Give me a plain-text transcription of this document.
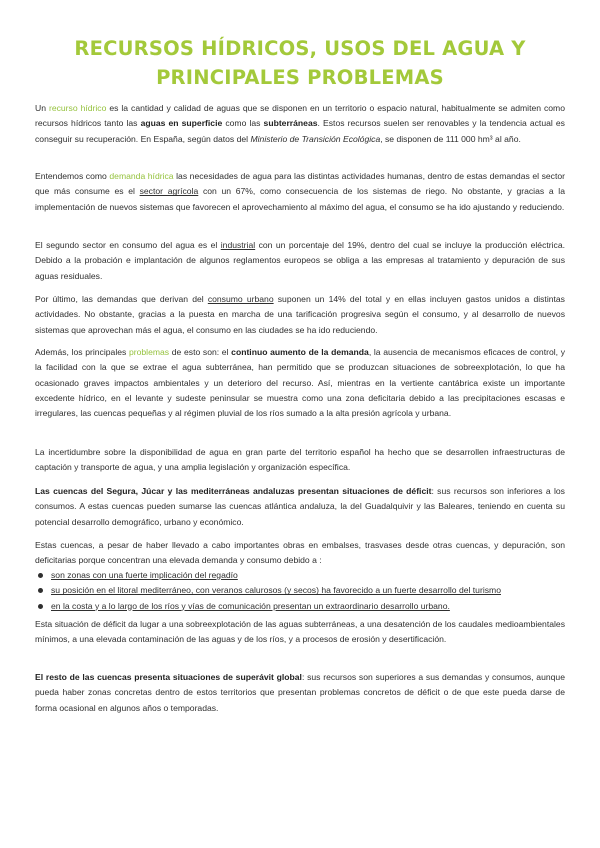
RECURSOS HÍDRICOS, USOS DEL AGUA Y
PRINCIPALES PROBLEMAS

Un recurso hídrico es la cantidad y calidad de aguas que se disponen en un territorio o espacio natural, habitualmente se admiten como recursos hídricos tanto las aguas en superficie como las subterráneas. Estos recursos suelen ser renovables y la tendencia actual es conseguir su recuperación. En España, según datos del Ministerio de Transición Ecológica, se disponen de 111 000 hm³ al año.

Entendemos como demanda hídrica las necesidades de agua para las distintas actividades humanas, dentro de estas demandas el sector que más consume es el sector agrícola con un 67%, como consecuencia de los sistemas de riego. No obstante, y gracias a la implementación de nuevos sistemas que favorecen el aprovechamiento al máximo del agua, el consumo se ha ido ajustando y reduciendo.

El segundo sector en consumo del agua es el industrial con un porcentaje del 19%, dentro del cual se incluye la producción eléctrica. Debido a la probación e implantación de algunos reglamentos europeos se obliga a las empresas al tratamiento y depuración de sus aguas residuales.

Por último, las demandas que derivan del consumo urbano suponen un 14% del total y en ellas incluyen gastos unidos a distintas actividades. No obstante, gracias a la puesta en marcha de una tarificación progresiva según el consumo, y al desarrollo de nuevos sistemas que aprovechan más el agua, el consumo en las ciudades se ha ido reduciendo.

Además, los principales problemas de esto son: el continuo aumento de la demanda, la ausencia de mecanismos eficaces de control, y la facilidad con la que se extrae el agua subterránea, han permitido que se produzcan situaciones de sobreexplotación, lo que ha ocasionado graves impactos ambientales y un deterioro del recurso. Así, mientras en la vertiente cantábrica existe un importante excedente hídrico, en el levante y sudeste peninsular se muestra como una zona deficitaria debido a las precipitaciones escasas e irregulares, las cuencas pequeñas y al régimen pluvial de los ríos sumado a la alta presión agrícola y urbana.

La incertidumbre sobre la disponibilidad de agua en gran parte del territorio español ha hecho que se desarrollen infraestructuras de captación y transporte de agua, y una amplia legislación y organización específica.

Las cuencas del Segura, Júcar y las mediterráneas andaluzas presentan situaciones de déficit: sus recursos son inferiores a los consumos. A estas cuencas pueden sumarse las cuencas atlántica andaluza, la del Guadalquivir y las Baleares, teniendo en cuenta su potencial desarrollo demográfico, urbano y económico.

Estas cuencas, a pesar de haber llevado a cabo importantes obras en embalses, trasvases desde otras cuencas, y depuración, son deficitarias porque concentran una elevada demanda y consumo debido a :

son zonas con una fuerte implicación del regadío
su posición en el litoral mediterráneo, con veranos calurosos (y secos) ha favorecido a un fuerte desarrollo del turismo
en la costa y a lo largo de los ríos y vías de comunicación presentan un extraordinario desarrollo urbano.

Esta situación de déficit da lugar a una sobreexplotación de las aguas subterráneas, a una desatención de los caudales medioambientales mínimos, a una elevada contaminación de las aguas y de los ríos, y a procesos de erosión y desertificación.

El resto de las cuencas presenta situaciones de superávit global: sus recursos son superiores a sus demandas y consumos, aunque pueda haber zonas concretas dentro de estos territorios que presentan problemas concretos de déficit o de que este pueda darse de forma ocasional en algunos años o temporadas.
